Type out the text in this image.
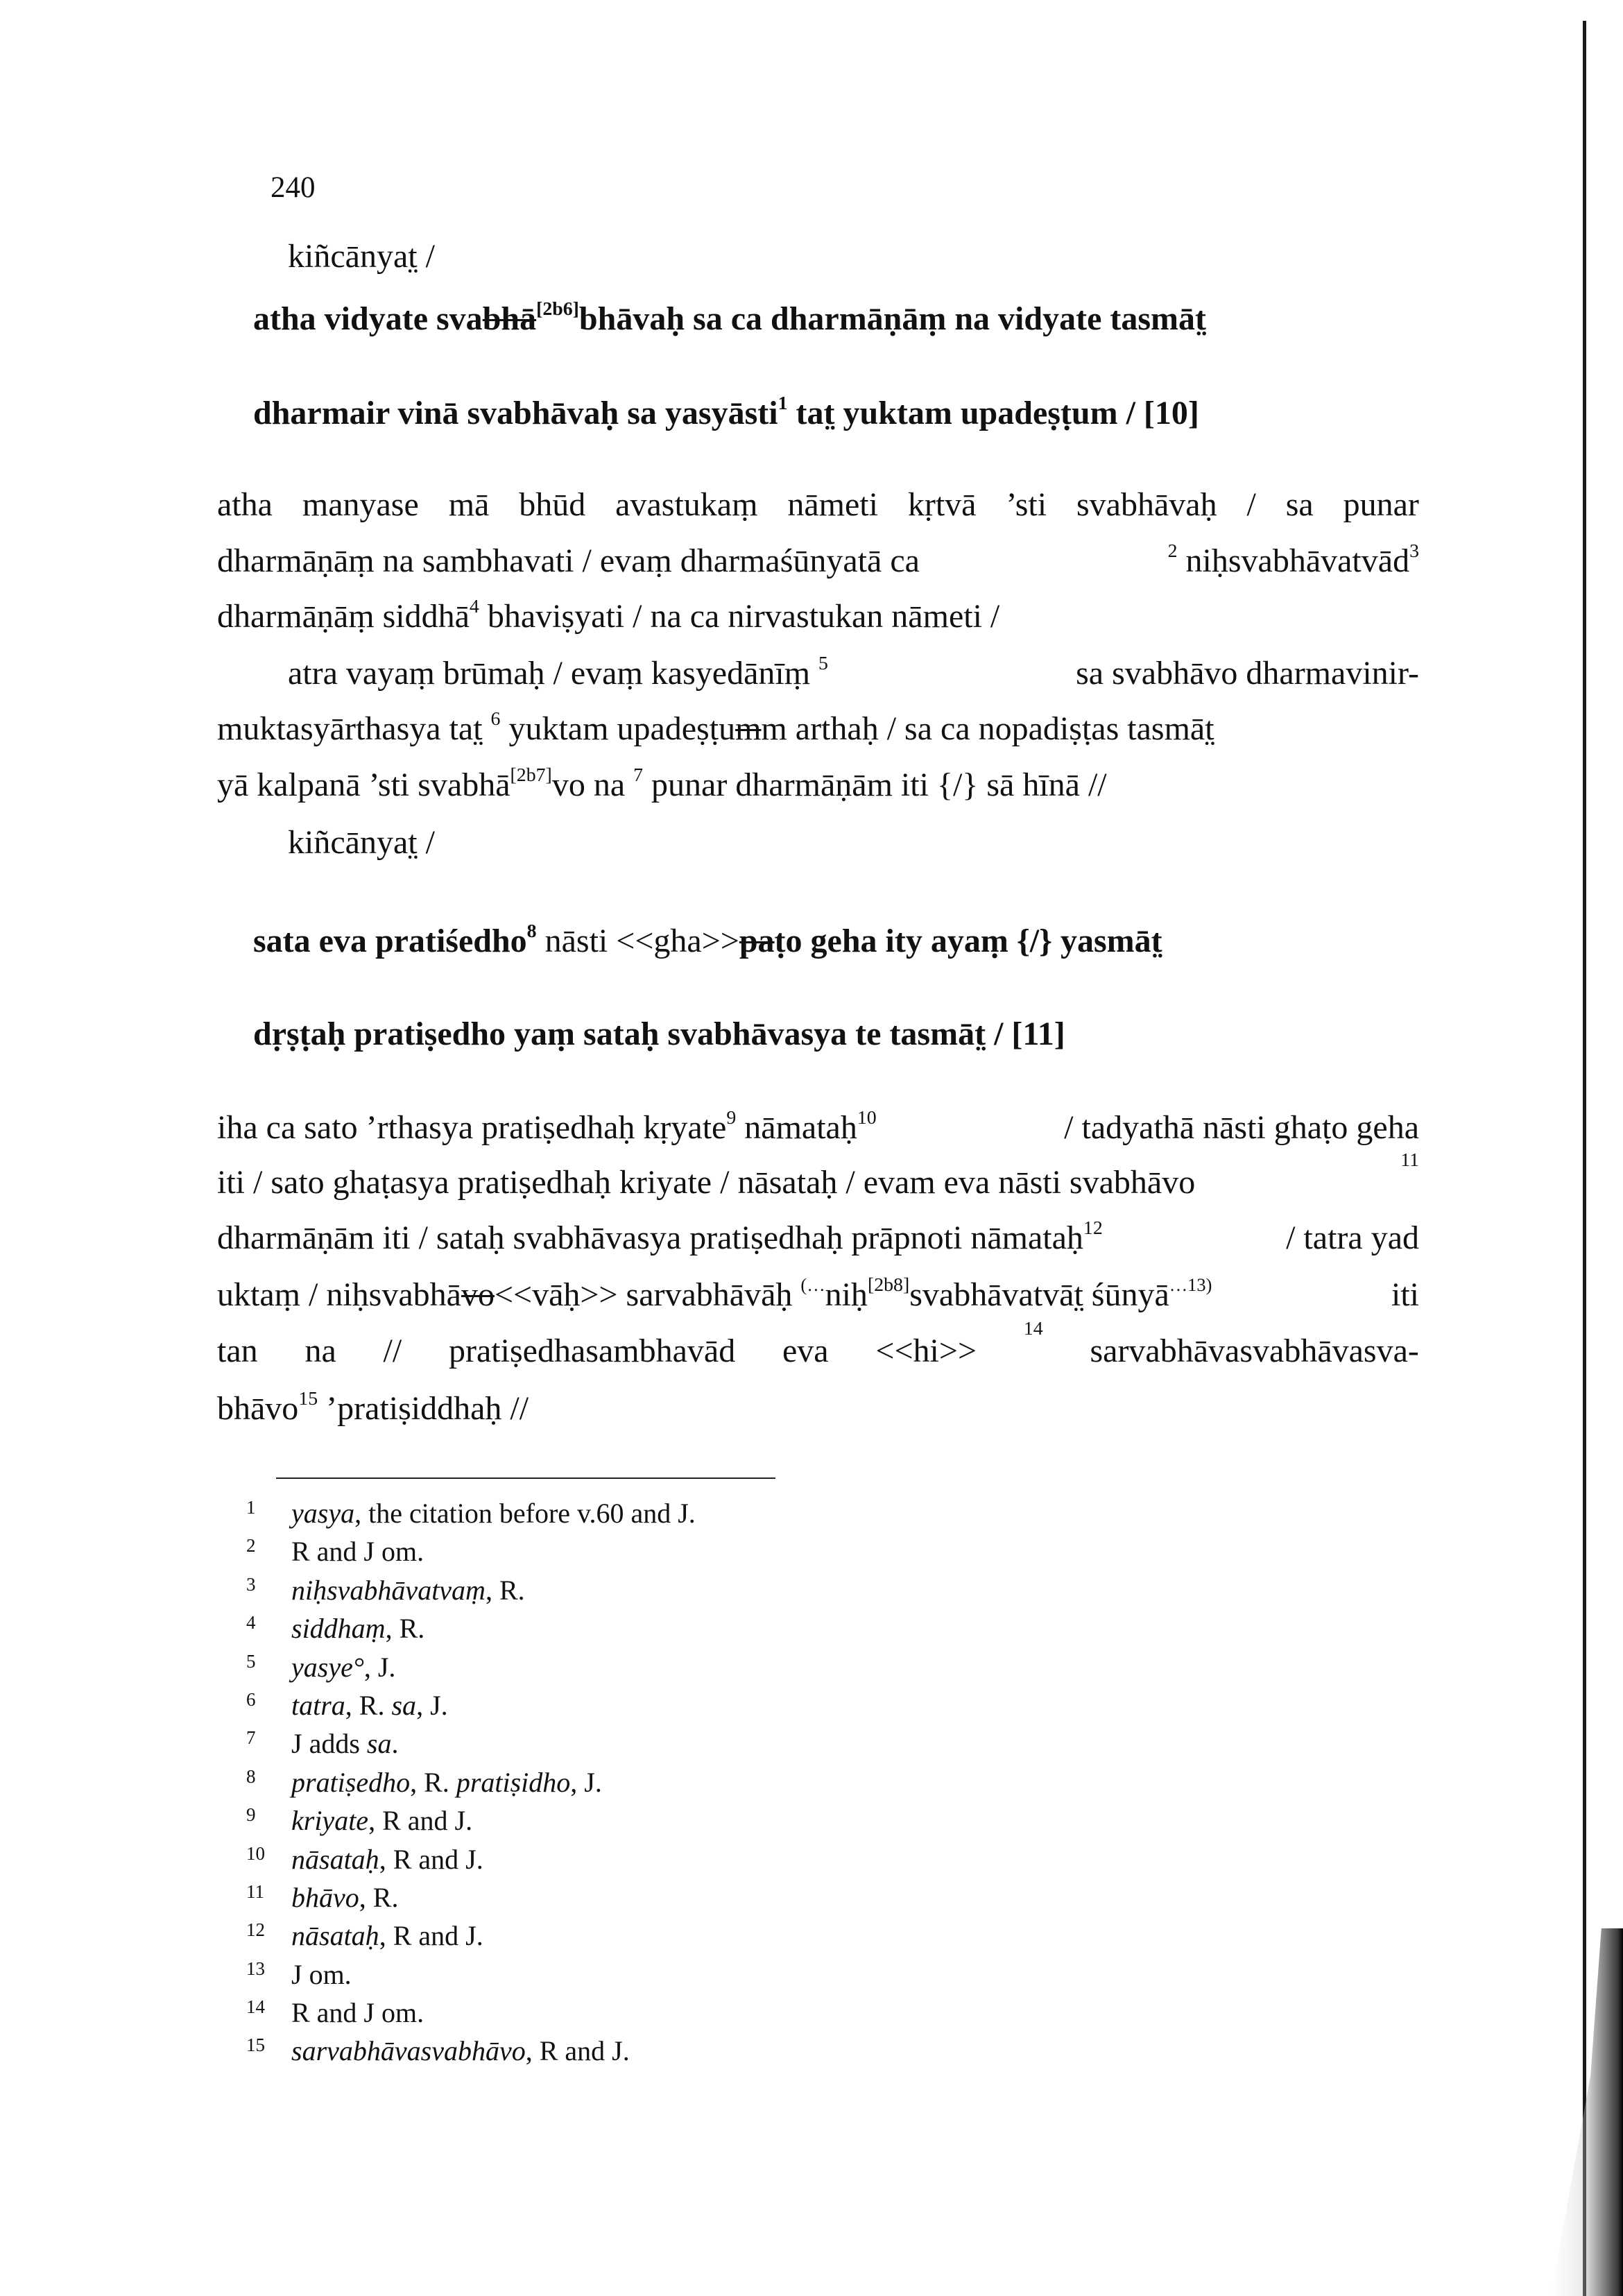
240
kiñcānyat̤ /
atha vidyate svabhā[2b6]bhāvaḥ sa ca dharmāṇāṃ na vidyate tasmāt̤
dharmair vinā svabhāvaḥ sa yasyāsti$^1$ tat̤ yuktam upadeṣṭum / [10]
atha manyase mā bhūd avastukaṃ nāmeti kṛtvā ’sti svabhāvaḥ / sa punar
dharmāṇāṃ na sambhavati / evaṃ dharmaśūnyatā ca	$^2$ niḥsvabhāvatvād$^3$
dharmāṇāṃ siddhā$^4$ bhaviṣyati / na ca nirvastukan nāmeti /
atra vayaṃ brūmaḥ / evaṃ kasyedānīṃ $^5$	sa svabhāvo dharmavinir-
muktasyārthasya tat̤ $^6$ yuktam upadeṣṭumm arthaḥ / sa ca nopadiṣṭas tasmāt̤
yā kalpanā ’sti svabhā[2b7]vo na $^7$ punar dharmāṇām iti {/} sā hīnā //
kiñcānyat̤ /
sata eva pratiśedho$^8$ nāsti <<gha>>paṭo geha ity ayaṃ {/} yasmāt̤
dṛṣṭaḥ pratiṣedho yaṃ sataḥ svabhāvasya te tasmāt̤ / [11]
iha ca sato ’rthasya pratiṣedhaḥ kṛyate$^9$ nāmataḥ$^{10}$	/ tadyathā nāsti ghaṭo geha
iti / sato ghaṭasya pratiṣedhaḥ kriyate / nāsataḥ / evam eva nāsti svabhāvo
$^{11}$
dharmāṇām iti / sataḥ svabhāvasya pratiṣedhaḥ prāpnoti nāmataḥ$^{12}$	/ tatra yad
uktaṃ / niḥsvabhāvo<<vāḥ>> sarvabhāvāḥ (…niḥ[2b8]svabhāvatvāt̤ śūnyā$^{\dots 13)}$	iti
tan na // pratiṣedhasambhavād eva <<hi>>
$^{14}$
sarvabhāvasvabhāvasva-
bhāvo$^{15}$ ’pratiṣiddhaḥ //
1	yasya, the citation before v.60 and J.
2	R and J om.
3	niḥsvabhāvatvaṃ, R.
4	siddhaṃ, R.
5	yasye°, J.
6	tatra, R. sa, J.
7	J adds sa.
8	pratiṣedho, R. pratiṣidho, J.
9	kriyate, R and J.
10 nāsataḥ, R and J.
11 bhāvo, R.
12 nāsataḥ, R and J.
13 J om.
14 R and J om.
15 sarvabhāvasvabhāvo, R and J.
